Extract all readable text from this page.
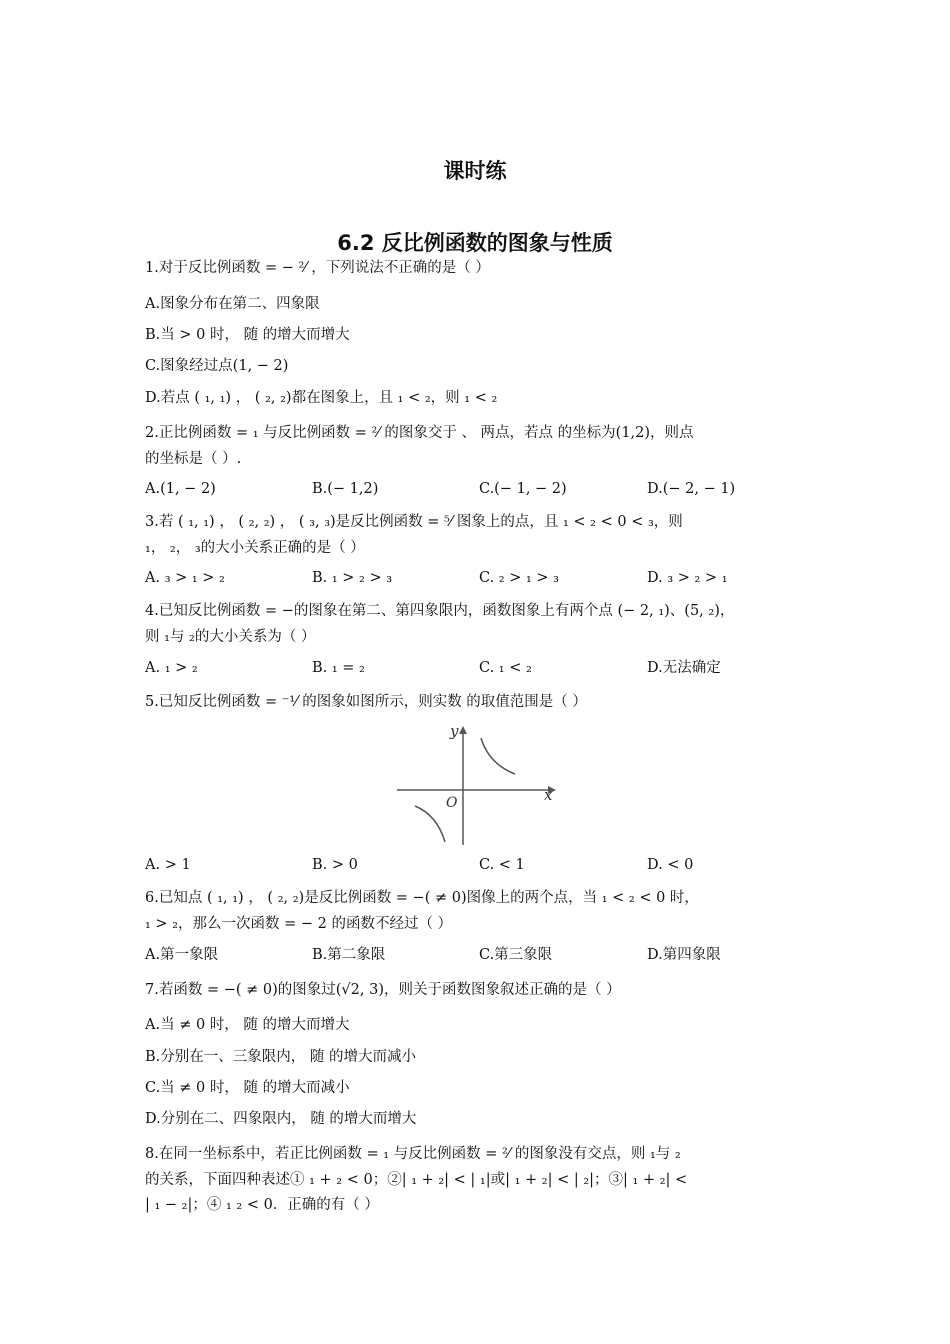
课时练
6.2 反比例函数的图象与性质
1.对于反比例函数 = − ²⁄ ，下列说法不正确的是（ ）
A.图象分布在第二、四象限
B.当 > 0 时， 随 的增大而增大
C.图象经过点(1, − 2)
D.若点 ( ₁, ₁) ， ( ₂, ₂)都在图象上，且 ₁ < ₂，则 ₁ < ₂
2.正比例函数 = ₁ 与反比例函数 = ²⁄ 的图象交于 、 两点，若点 的坐标为(1,2)，则点
的坐标是（ ）.
A.(1, − 2)	B.(− 1,2)	C.(− 1, − 2)	D.(− 2, − 1)
3.若 ( ₁, ₁) ， ( ₂, ₂) ， ( ₃, ₃)是反比例函数 = ⁵⁄ 图象上的点，且 ₁ < ₂ < 0 < ₃，则
₁， ₂， ₃的大小关系正确的是（ ）
A. ₃ > ₁ > ₂	B. ₁ > ₂ > ₃	C. ₂ > ₁ > ₃	D. ₃ > ₂ > ₁
4.已知反比例函数 = −的图象在第二、第四象限内，函数图象上有两个点 (− 2, ₁)、(5, ₂)，
则 ₁与 ₂的大小关系为（ ）
A. ₁ > ₂	B. ₁ = ₂	C. ₁ < ₂	D.无法确定
5.已知反比例函数 = ⁻¹⁄ 的图象如图所示，则实数 的取值范围是（ ）
y
x
O
A. > 1	B. > 0	C. < 1	D. < 0
6.已知点 ( ₁, ₁) ， ( ₂, ₂)是反比例函数 = −( ≠ 0)图像上的两个点，当 ₁ < ₂ < 0 时，
₁ > ₂，那么一次函数 = − 2 的函数不经过（ ）
A.第一象限	B.第二象限	C.第三象限	D.第四象限
7.若函数 = −( ≠ 0)的图象过(√2, 3)，则关于函数图象叙述正确的是（ ）
A.当 ≠ 0 时， 随 的增大而增大
B.分别在一、三象限内， 随 的增大而减小
C.当 ≠ 0 时， 随 的增大而减小
D.分别在二、四象限内， 随 的增大而增大
8.在同一坐标系中，若正比例函数 = ₁ 与反比例函数 = ²⁄ 的图象没有交点，则 ₁与 ₂
的关系，下面四种表述① ₁ + ₂ < 0；②| ₁ + ₂| < | ₁|或| ₁ + ₂| < | ₂|；③| ₁ + ₂| <
| ₁ − ₂|；④ ₁ ₂ < 0．正确的有（ ）
